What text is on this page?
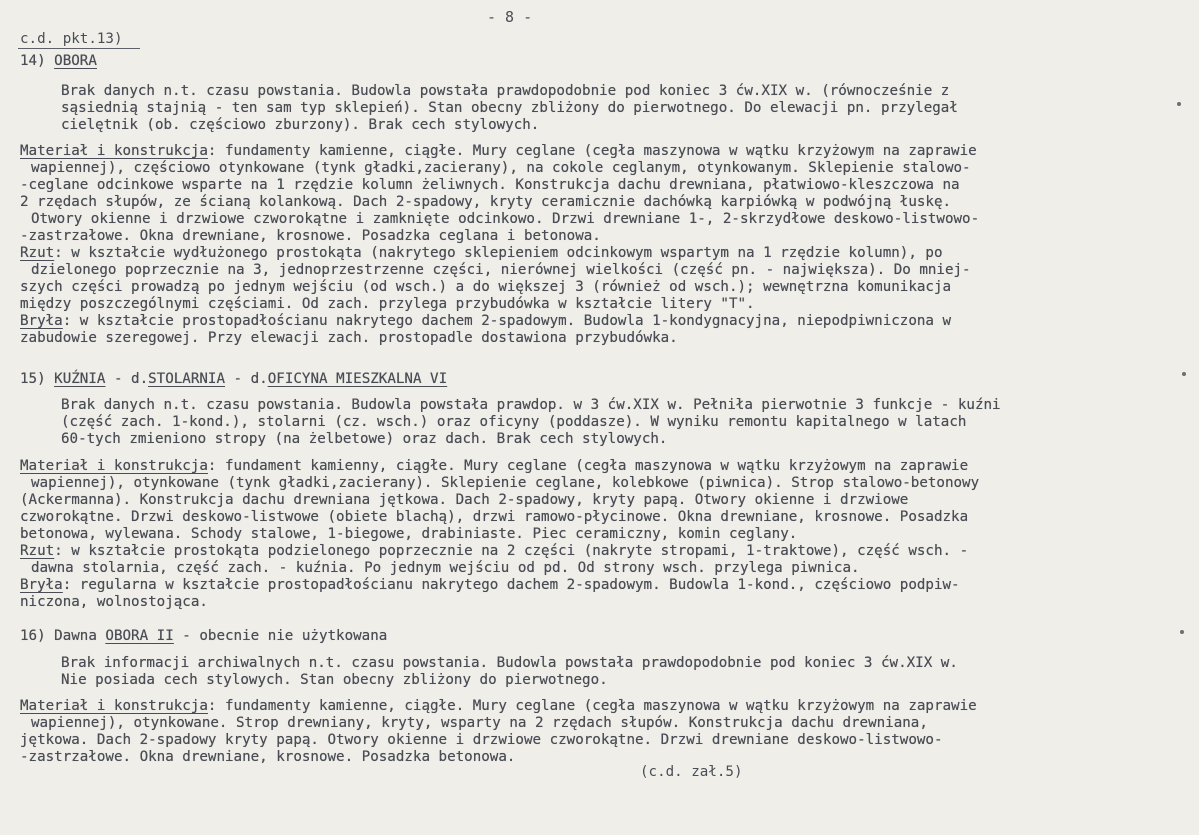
- 8 -
c.d. pkt.13)
14) OBORA
Brak danych n.t. czasu powstania. Budowla powstała prawdopodobnie pod koniec 3 ćw.XIX w. (równocześnie z
sąsiednią stajnią - ten sam typ sklepień). Stan obecny zbliżony do pierwotnego. Do elewacji pn. przylegał
cielętnik (ob. częściowo zburzony). Brak cech stylowych.
Materiał i konstrukcja: fundamenty kamienne, ciągłe. Mury ceglane (cegła maszynowa w wątku krzyżowym na zaprawie
wapiennej), częściowo otynkowane (tynk gładki,zacierany), na cokole ceglanym, otynkowanym. Sklepienie stalowo-
-ceglane odcinkowe wsparte na 1 rzędzie kolumn żeliwnych. Konstrukcja dachu drewniana, płatwiowo-kleszczowa na
2 rzędach słupów, ze ścianą kolankową. Dach 2-spadowy, kryty ceramicznie dachówką karpiówką w podwójną łuskę.
Otwory okienne i drzwiowe czworokątne i zamknięte odcinkowo. Drzwi drewniane 1-, 2-skrzydłowe deskowo-listwowo-
-zastrzałowe. Okna drewniane, krosnowe. Posadzka ceglana i betonowa.
Rzut: w kształcie wydłużonego prostokąta (nakrytego sklepieniem odcinkowym wspartym na 1 rzędzie kolumn), po
dzielonego poprzecznie na 3, jednoprzestrzenne części, nierównej wielkości (część pn. - największa). Do mniej-
szych części prowadzą po jednym wejściu (od wsch.) a do większej 3 (również od wsch.); wewnętrzna komunikacja
między poszczególnymi częściami. Od zach. przylega przybudówka w kształcie litery "T".
Bryła: w kształcie prostopadłościanu nakrytego dachem 2-spadowym. Budowla 1-kondygnacyjna, niepodpiwniczona w
zabudowie szeregowej. Przy elewacji zach. prostopadle dostawiona przybudówka.
15) KUŹNIA - d.STOLARNIA - d.OFICYNA MIESZKALNA VI
Brak danych n.t. czasu powstania. Budowla powstała prawdop. w 3 ćw.XIX w. Pełniła pierwotnie 3 funkcje - kuźni
(część zach. 1-kond.), stolarni (cz. wsch.) oraz oficyny (poddasze). W wyniku remontu kapitalnego w latach
60-tych zmieniono stropy (na żelbetowe) oraz dach. Brak cech stylowych.
Materiał i konstrukcja: fundament kamienny, ciągłe. Mury ceglane (cegła maszynowa w wątku krzyżowym na zaprawie
wapiennej), otynkowane (tynk gładki,zacierany). Sklepienie ceglane, kolebkowe (piwnica). Strop stalowo-betonowy
(Ackermanna). Konstrukcja dachu drewniana jętkowa. Dach 2-spadowy, kryty papą. Otwory okienne i drzwiowe
czworokątne. Drzwi deskowo-listwowe (obiete blachą), drzwi ramowo-płycinowe. Okna drewniane, krosnowe. Posadzka
betonowa, wylewana. Schody stalowe, 1-biegowe, drabiniaste. Piec ceramiczny, komin ceglany.
Rzut: w kształcie prostokąta podzielonego poprzecznie na 2 części (nakryte stropami, 1-traktowe), część wsch. -
dawna stolarnia, część zach. - kuźnia. Po jednym wejściu od pd. Od strony wsch. przylega piwnica.
Bryła: regularna w kształcie prostopadłościanu nakrytego dachem 2-spadowym. Budowla 1-kond., częściowo podpiw-
niczona, wolnostojąca.
16) Dawna OBORA II - obecnie nie użytkowana
Brak informacji archiwalnych n.t. czasu powstania. Budowla powstała prawdopodobnie pod koniec 3 ćw.XIX w.
Nie posiada cech stylowych. Stan obecny zbliżony do pierwotnego.
Materiał i konstrukcja: fundamenty kamienne, ciągłe. Mury ceglane (cegła maszynowa w wątku krzyżowym na zaprawie
wapiennej), otynkowane. Strop drewniany, kryty, wsparty na 2 rzędach słupów. Konstrukcja dachu drewniana,
jętkowa. Dach 2-spadowy kryty papą. Otwory okienne i drzwiowe czworokątne. Drzwi drewniane deskowo-listwowo-
-zastrzałowe. Okna drewniane, krosnowe. Posadzka betonowa.
(c.d. zał.5)
